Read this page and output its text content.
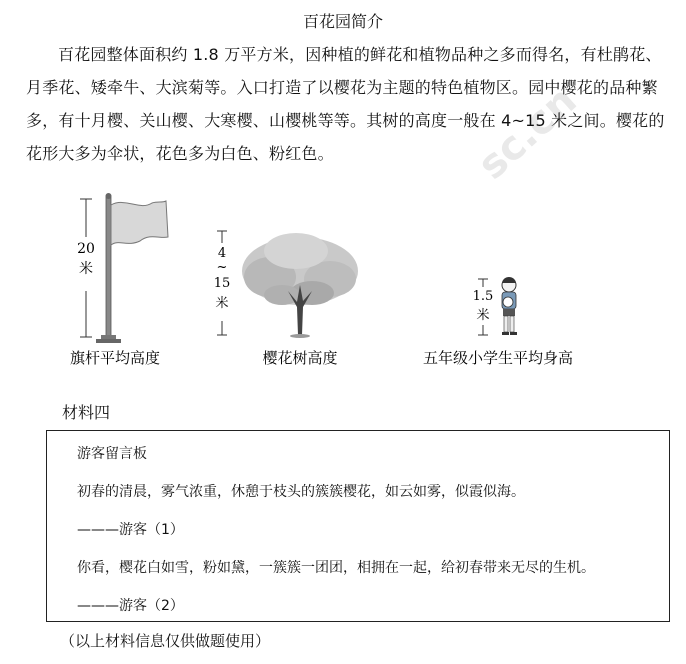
sc.cn
百花园简介
百花园整体面积约 1.8 万平方米，因种植的鲜花和植物品种之多而得名，有杜鹃花、月季花、矮牵牛、大滨菊等。入口打造了以樱花为主题的特色植物区。园中樱花的品种繁多，有十月樱、关山樱、大寒樱、山樱桃等等。其树的高度一般在 4~15 米之间。樱花的花形大多为伞状，花色多为白色、粉红色。
20
米
4
~
15
米	1.5
米
旗杆平均高度	樱花树高度	五年级小学生平均身高
材料四
游客留言板
初春的清晨，雾气浓重，休憩于枝头的簇簇樱花，如云如雾，似霞似海。
———游客（1）
你看，樱花白如雪，粉如黛，一簇簇一团团，相拥在一起，给初春带来无尽的生机。
———游客（2）
（以上材料信息仅供做题使用）
